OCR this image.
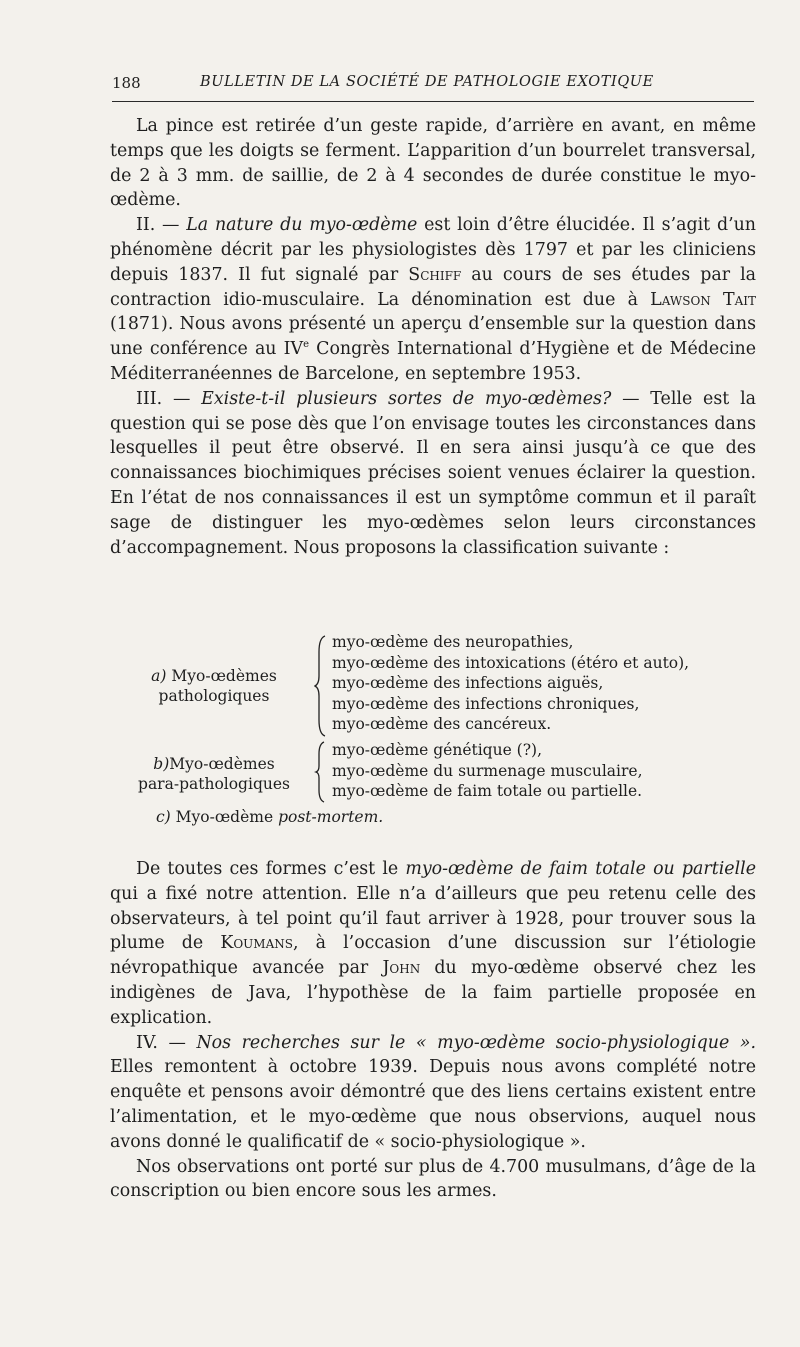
188	BULLETIN DE LA SOCIÉTÉ DE PATHOLOGIE EXOTIQUE

La pince est retirée d’un geste rapide, d’arrière en avant, en même temps que les doigts se ferment. L’apparition d’un bourrelet transversal, de 2 à 3 mm. de saillie, de 2 à 4 secondes de durée constitue le myo-œdème.

II. — La nature du myo-œdème est loin d’être élucidée. Il s’agit d’un phénomène décrit par les physiologistes dès 1797 et par les cliniciens depuis 1837. Il fut signalé par Schiff au cours de ses études par la contraction idio-musculaire. La dénomination est due à Lawson Tait (1871). Nous avons présenté un aperçu d’ensemble sur la question dans une conférence au IVe Congrès International d’Hygiène et de Médecine Méditerranéennes de Barcelone, en septembre 1953.

III. — Existe-t-il plusieurs sortes de myo-œdèmes? — Telle est la question qui se pose dès que l’on envisage toutes les circonstances dans lesquelles il peut être observé. Il en sera ainsi jusqu’à ce que des connaissances biochimiques précises soient venues éclairer la question. En l’état de nos connaissances il est un symptôme commun et il paraît sage de distinguer les myo-œdèmes selon leurs circonstances d’accompagnement. Nous proposons la classification suivante :

a) Myo-œdèmes
pathologiques
myo-œdème des neuropathies,
myo-œdème des intoxications (étéro et auto),
myo-œdème des infections aiguës,
myo-œdème des infections chroniques,
myo-œdème des cancéreux.
b)Myo-œdèmes
para-pathologiques
myo-œdème génétique (?),
myo-œdème du surmenage musculaire,
myo-œdème de faim totale ou partielle.
c) Myo-œdème post-mortem.

De toutes ces formes c’est le myo-œdème de faim totale ou partielle qui a fixé notre attention. Elle n’a d’ailleurs que peu retenu celle des observateurs, à tel point qu’il faut arriver à 1928, pour trouver sous la plume de Koumans, à l’occasion d’une discussion sur l’étiologie névropathique avancée par John du myo-œdème observé chez les indigènes de Java, l’hypothèse de la faim partielle proposée en explication.

IV. — Nos recherches sur le « myo-œdème socio-physiologique ». Elles remontent à octobre 1939. Depuis nous avons complété notre enquête et pensons avoir démontré que des liens certains existent entre l’alimentation, et le myo-œdème que nous observions, auquel nous avons donné le qualificatif de « socio-physiologique ».

Nos observations ont porté sur plus de 4.700 musulmans, d’âge de la conscription ou bien encore sous les armes.
